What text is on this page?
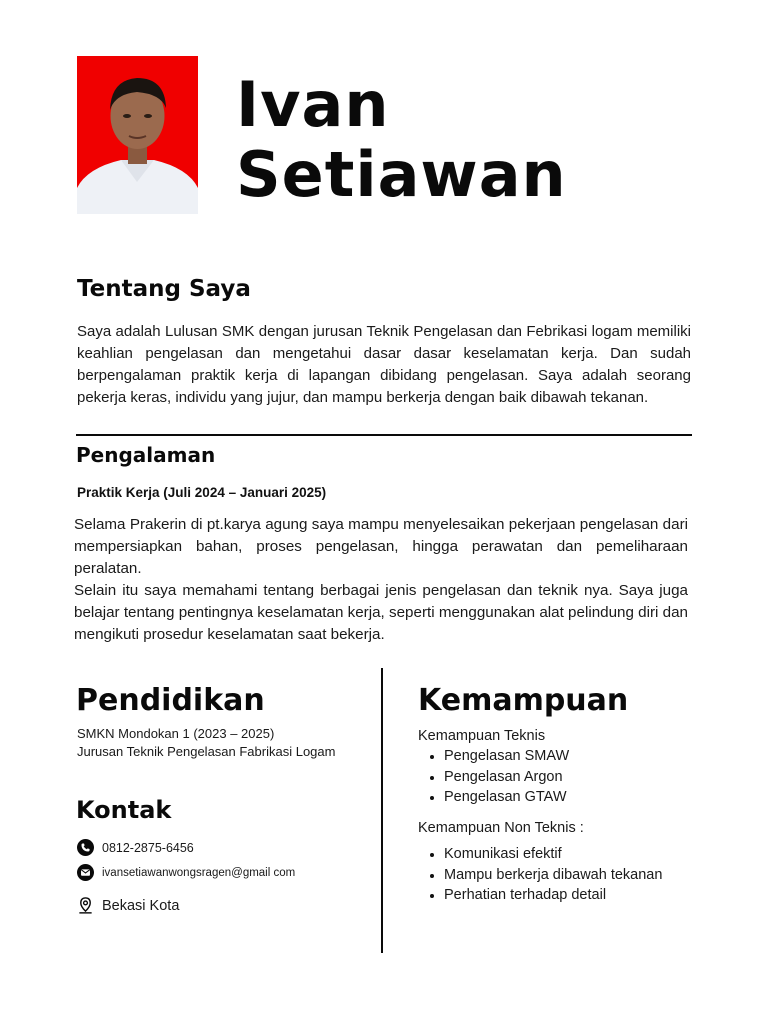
Ivan
Setiawan
Tentang Saya

Saya adalah Lulusan SMK dengan jurusan Teknik Pengelasan dan Febrikasi logam memiliki keahlian pengelasan dan mengetahui dasar dasar keselamatan kerja. Dan sudah berpengalaman praktik kerja di lapangan dibidang pengelasan. Saya adalah seorang pekerja keras, individu yang jujur, dan mampu berkerja dengan baik dibawah tekanan.

Pengalaman
Praktik Kerja (Juli 2024 – Januari 2025)

Selama Prakerin di pt.karya agung saya mampu menyelesaikan pekerjaan pengelasan dari mempersiapkan bahan, proses pengelasan, hingga perawatan dan pemeliharaan peralatan.

Selain itu saya memahami tentang berbagai jenis pengelasan dan teknik nya. Saya juga belajar tentang pentingnya keselamatan kerja, seperti menggunakan alat pelindung diri dan mengikuti prosedur keselamatan saat bekerja.

Pendidikan
SMKN Mondokan 1 (2023 – 2025)
Jurusan Teknik Pengelasan Fabrikasi Logam
Kontak
0812-2875-6456
ivansetiawanwongsragen@gmail com
Bekasi Kota
Kemampuan
Kemampuan Teknis
Pengelasan SMAW
Pengelasan Argon
Pengelasan GTAW
Kemampuan Non Teknis :
Komunikasi efektif
Mampu berkerja dibawah tekanan
Perhatian terhadap detail
